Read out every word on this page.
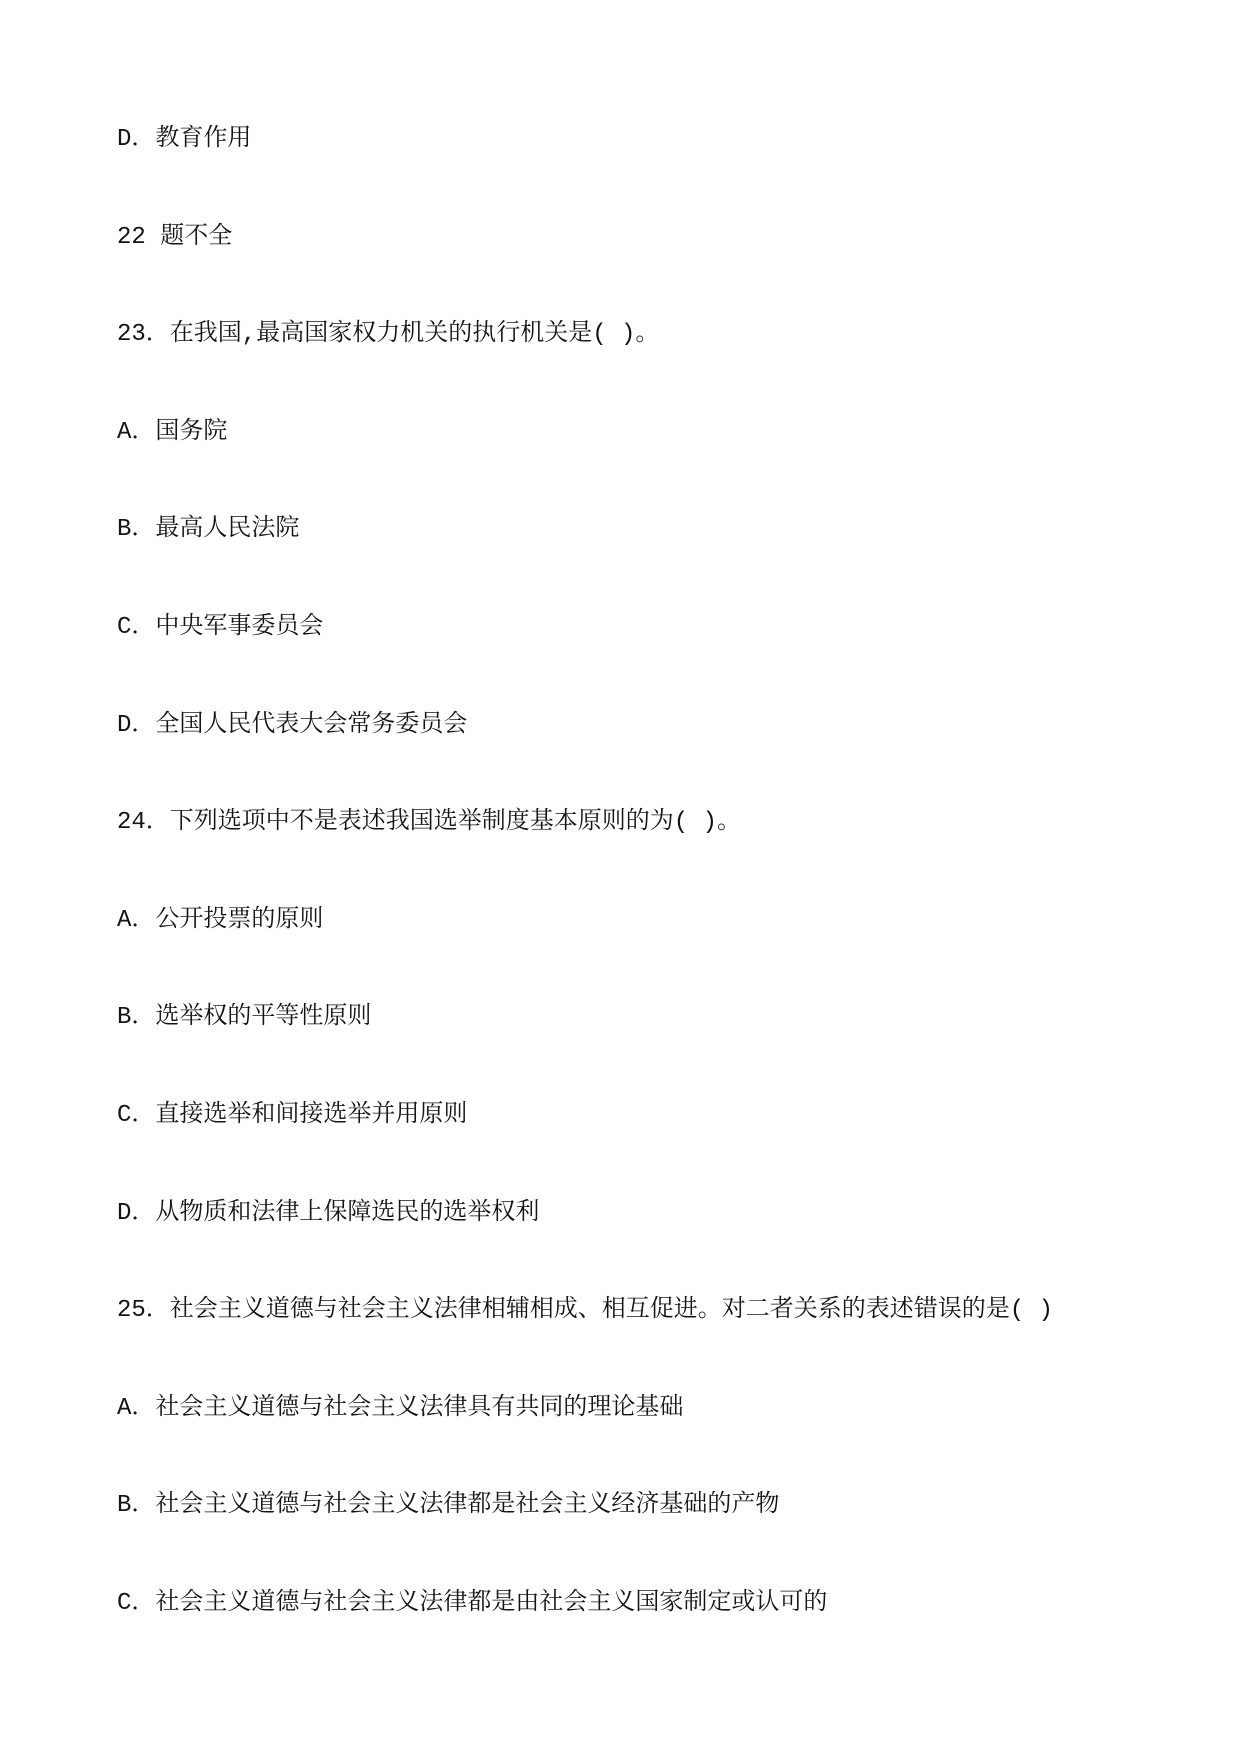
D．教育作用
22 题不全
23．在我国,最高国家权力机关的执行机关是( )。
A．国务院
B．最高人民法院
C．中央军事委员会
D．全国人民代表大会常务委员会
24．下列选项中不是表述我国选举制度基本原则的为( )。
A．公开投票的原则
B．选举权的平等性原则
C．直接选举和间接选举并用原则
D．从物质和法律上保障选民的选举权利
25．社会主义道德与社会主义法律相辅相成、相互促进。对二者关系的表述错误的是( )
A．社会主义道德与社会主义法律具有共同的理论基础
B．社会主义道德与社会主义法律都是社会主义经济基础的产物
C．社会主义道德与社会主义法律都是由社会主义国家制定或认可的
